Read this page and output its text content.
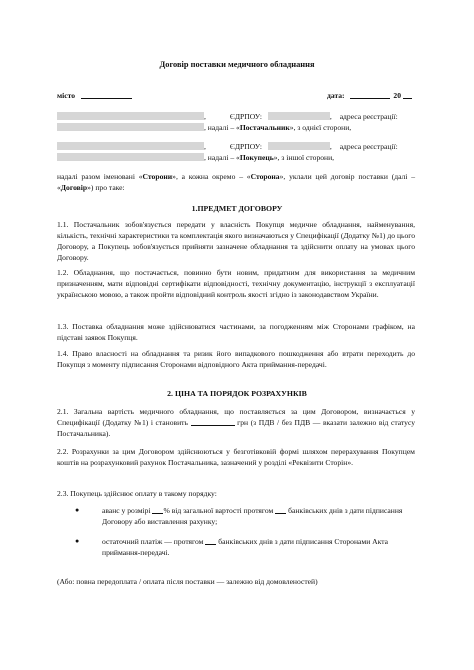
Договір поставки медичного обладнання
місто	дата:	20
,	ЄДРПОУ:	, адреса реєстрації:
, надалі – «Постачальник», з однієї сторони,
,	ЄДРПОУ:	, адреса реєстрації:
, надалі – «Покупець», з іншої сторони,

надалі разом іменовані «Сторони», а кожна окремо – «Сторона», уклали цей договір поставки (далі – «Договір») про таке:

1.ПРЕДМЕТ ДОГОВОРУ

1.1. Постачальник зобов'язується передати у власність Покупця медичне обладнання, найменування, кількість, технічні характеристики та комплектація якого визначаються у Специфікації (Додатку №1) до цього Договору, а Покупець зобов'язується прийняти зазначене обладнання та здійснити оплату на умовах цього Договору.

1.2. Обладнання, що постачається, повинно бути новим, придатним для використання за медичним призначенням, мати відповідні сертифікати відповідності, технічну документацію, інструкції з експлуатації українською мовою, а також пройти відповідний контроль якості згідно із законодавством України.

1.3. Поставка обладнання може здійснюватися частинами, за погодженням між Сторонами графіком, на підставі заявок Покупця.

1.4. Право власності на обладнання та ризик його випадкового пошкодження або втрати переходить до Покупця з моменту підписання Сторонами відповідного Акта приймання-передачі.

2. ЦІНА ТА ПОРЯДОК РОЗРАХУНКІВ

2.1. Загальна вартість медичного обладнання, що поставляється за цим Договором, визначається у Специфікації (Додатку №1) і становить	грн (з ПДВ / без ПДВ — вказати залежно від статусу Постачальника).

2.2. Розрахунки за цим Договором здійснюються у безготівковій формі шляхом перерахування Покупцем коштів на розрахунковий рахунок Постачальника, зазначений у розділі «Реквізити Сторін».

2.3. Покупець здійснює оплату в такому порядку:

●	аванс у розмірі % від загальної вартості протягом банківських днів з дати підписання Договору або виставлення рахунку;
●	остаточний платіж — протягом банківських днів з дати підписання Сторонами Акта приймання-передачі.

(Або: повна передоплата / оплата після поставки — залежно від домовленостей)
